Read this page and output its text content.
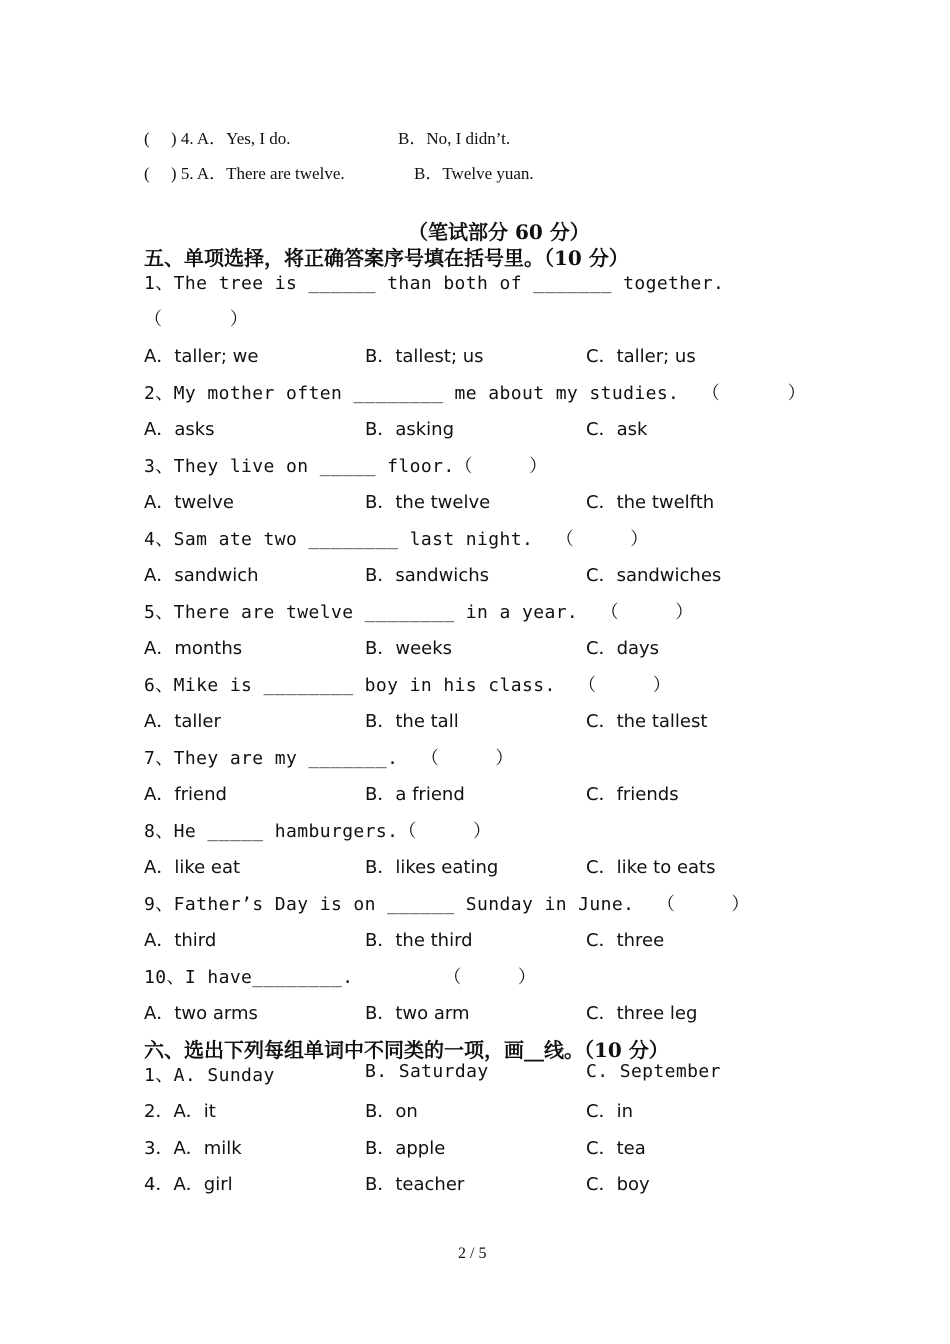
(     ) 4. A．Yes, I do.	B．No, I didn’t.
(     ) 5. A．There are twelve.	B．Twelve yuan.
（笔试部分 60 分）
五、单项选择，将正确答案序号填在括号里。（10 分）
1、The tree is ______ than both of _______ together.
（      ）
A．taller; we	B．tallest; us	C．taller; us
2、My mother often ________ me about my studies.  （      ）
A．asks	B．asking	C．ask
3、They live on _____ floor.（     ）
A．twelve	B．the twelve	C．the twelfth
4、Sam ate two ________ last night.  （     ）
A．sandwich	B．sandwichs	C．sandwiches
5、There are twelve ________ in a year.  （     ）
A．months	B．weeks	C．days
6、Mike is ________ boy in his class.  （     ）
A．taller	B．the tall	C．the tallest
7、They are my _______.  （     ）
A．friend	B．a friend	C．friends
8、He _____ hamburgers.（     ）
A．like eat	B．likes eating	C．like to eats
9、Father’s Day is on ______ Sunday in June.  （     ）
A．third	B．the third	C．three
10、I have________.        （     ）
A．two arms	B．two arm	C．three leg
六、选出下列每组单词中不同类的一项，画__线。（10 分）
1、A. Sunday	B. Saturday	C. September
2．A．it	B．on	C．in
3．A．milk	B．apple	C．tea
4．A．girl	B．teacher	C．boy
2 / 5
